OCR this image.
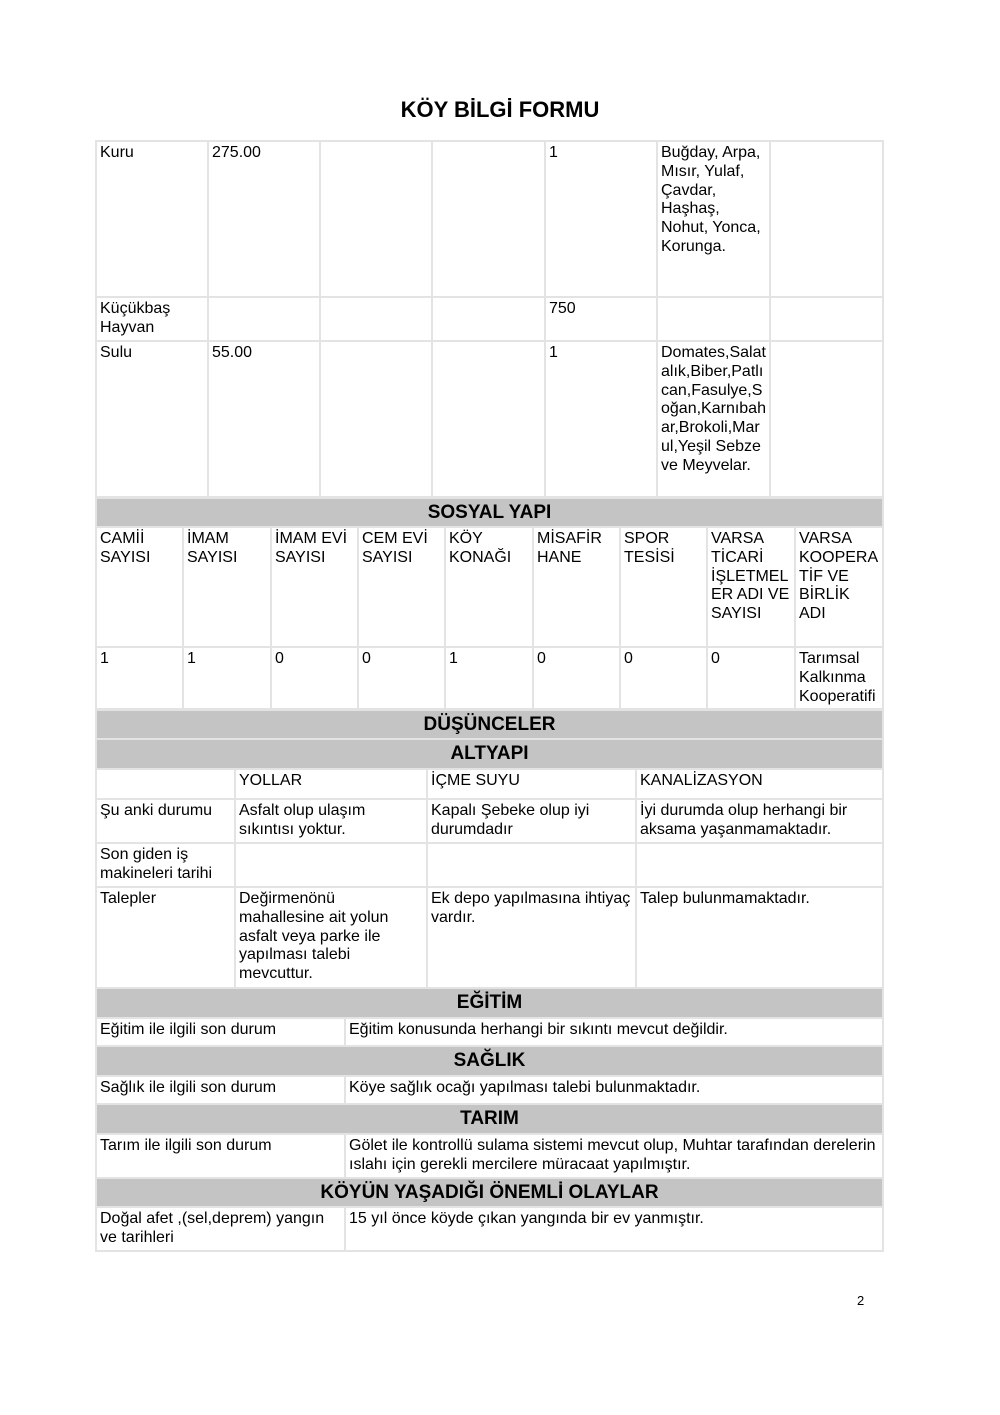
KÖY BİLGİ FORMU
Kuru	275.00			1	Buğday, Arpa, Mısır, Yulaf, Çavdar, Haşhaş, Nohut, Yonca, Korunga.	
Küçükbaş Hayvan				750		
Sulu	55.00			1	Domates,Salatalık,Biber,Patlıcan,Fasulye,Soğan,Karnıbahar,Brokoli,Marul,Yeşil Sebze ve Meyvelar.	
SOSYAL YAPI								
CAMİİ SAYISI	İMAM SAYISI	İMAM EVİ SAYISI	CEM EVİ SAYISI	KÖY KONAĞI	MİSAFİR HANE	SPOR TESİSİ	VARSA TİCARİ İŞLETMELER ADI VE SAYISI	VARSA KOOPERATİF VE BİRLİK ADI
1	1	0	0	1	0	0	0	Tarımsal Kalkınma Kooperatifi
DÜŞÜNCELER			
ALTYAPI			
	YOLLAR	İÇME SUYU	KANALİZASYON
Şu anki durumu	Asfalt olup ulaşım sıkıntısı yoktur.	Kapalı Şebeke olup iyi durumdadır	İyi durumda olup herhangi bir aksama yaşanmamaktadır.
Son giden iş makineleri tarihi			
Talepler	Değirmenönü mahallesine ait yolun asfalt veya parke ile yapılması talebi mevcuttur.	Ek depo yapılmasına ihtiyaç vardır.	Talep bulunmamaktadır.
EĞİTİM	
Eğitim ile ilgili son durum	Eğitim konusunda herhangi bir sıkıntı mevcut değildir.
SAĞLIK	
Sağlık ile ilgili son durum	Köye sağlık ocağı yapılması talebi bulunmaktadır.
TARIM	
Tarım ile ilgili son durum	Gölet ile kontrollü sulama sistemi mevcut olup, Muhtar tarafından derelerin ıslahı için gerekli mercilere müracaat yapılmıştır.
KÖYÜN YAŞADIĞI ÖNEMLİ OLAYLAR	
Doğal afet ,(sel,deprem) yangın ve tarihleri	15 yıl önce köyde çıkan yangında bir ev yanmıştır.
2
